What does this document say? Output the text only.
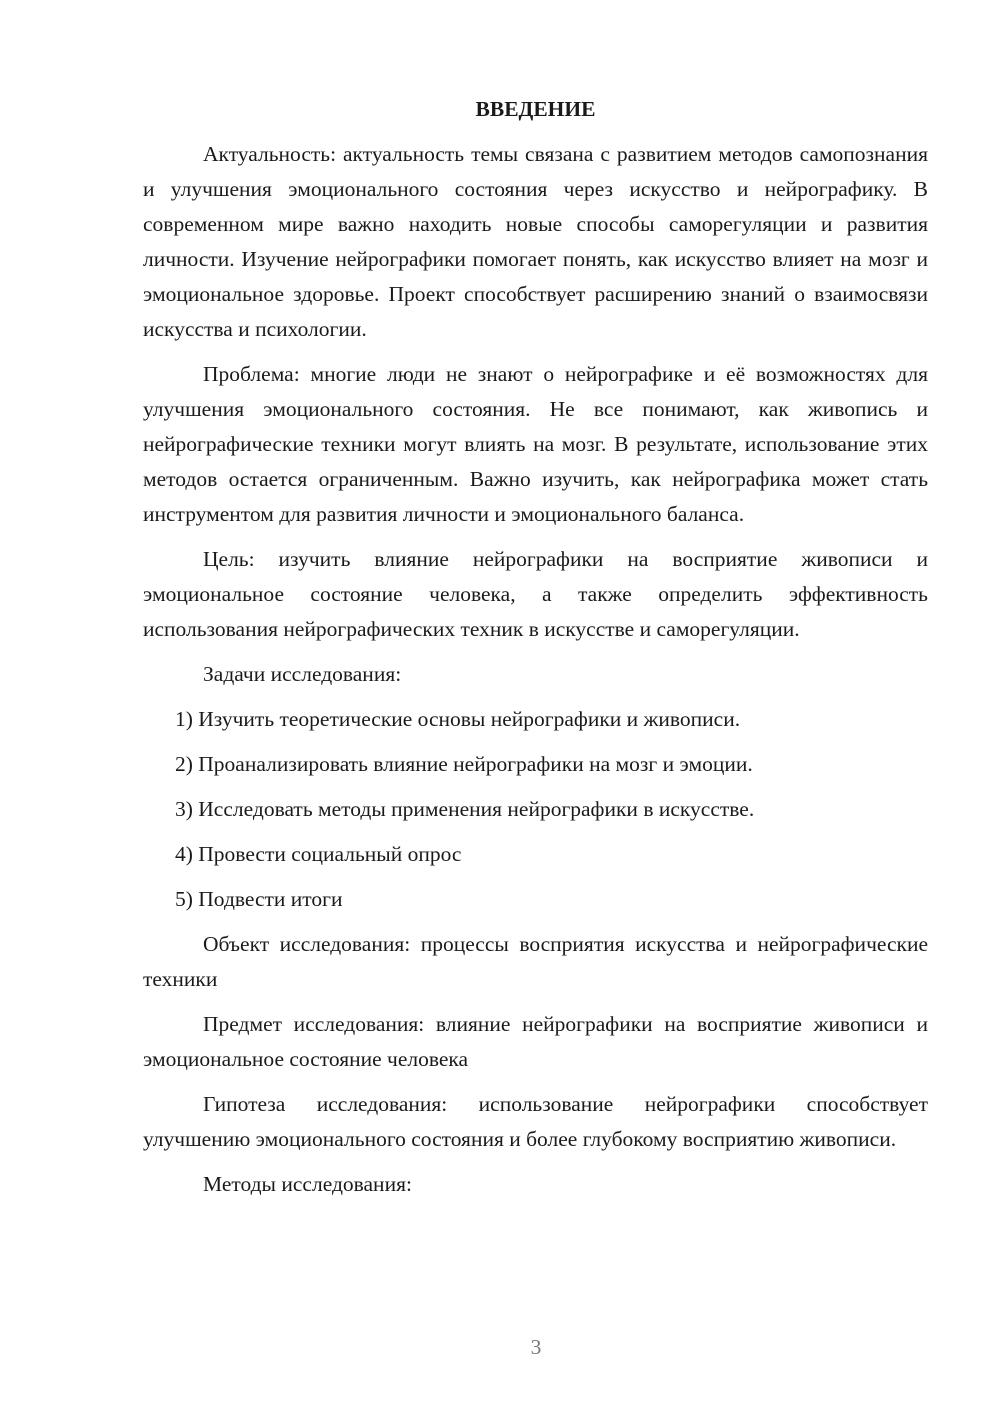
ВВЕДЕНИЕ

Актуальность: актуальность темы связана с развитием методов самопознания и улучшения эмоционального состояния через искусство и нейрографику. В современном мире важно находить новые способы саморегуляции и развития личности. Изучение нейрографики помогает понять, как искусство влияет на мозг и эмоциональное здоровье. Проект способствует расширению знаний о взаимосвязи искусства и психологии.

Проблема: многие люди не знают о нейрографике и её возможностях для улучшения эмоционального состояния. Не все понимают, как живопись и нейрографические техники могут влиять на мозг. В результате, использование этих методов остается ограниченным. Важно изучить, как нейрографика может стать инструментом для развития личности и эмоционального баланса.

Цель: изучить влияние нейрографики на восприятие живописи и эмоциональное состояние человека, а также определить эффективность использования нейрографических техник в искусстве и саморегуляции.

Задачи исследования:

1) Изучить теоретические основы нейрографики и живописи.

2) Проанализировать влияние нейрографики на мозг и эмоции.

3) Исследовать методы применения нейрографики в искусстве.

4) Провести социальный опрос

5) Подвести итоги

Объект исследования: процессы восприятия искусства и нейрографические техники

Предмет исследования: влияние нейрографики на восприятие живописи и эмоциональное состояние человека

Гипотеза исследования: использование нейрографики способствует улучшению эмоционального состояния и более глубокому восприятию живописи.

Методы исследования:

3
